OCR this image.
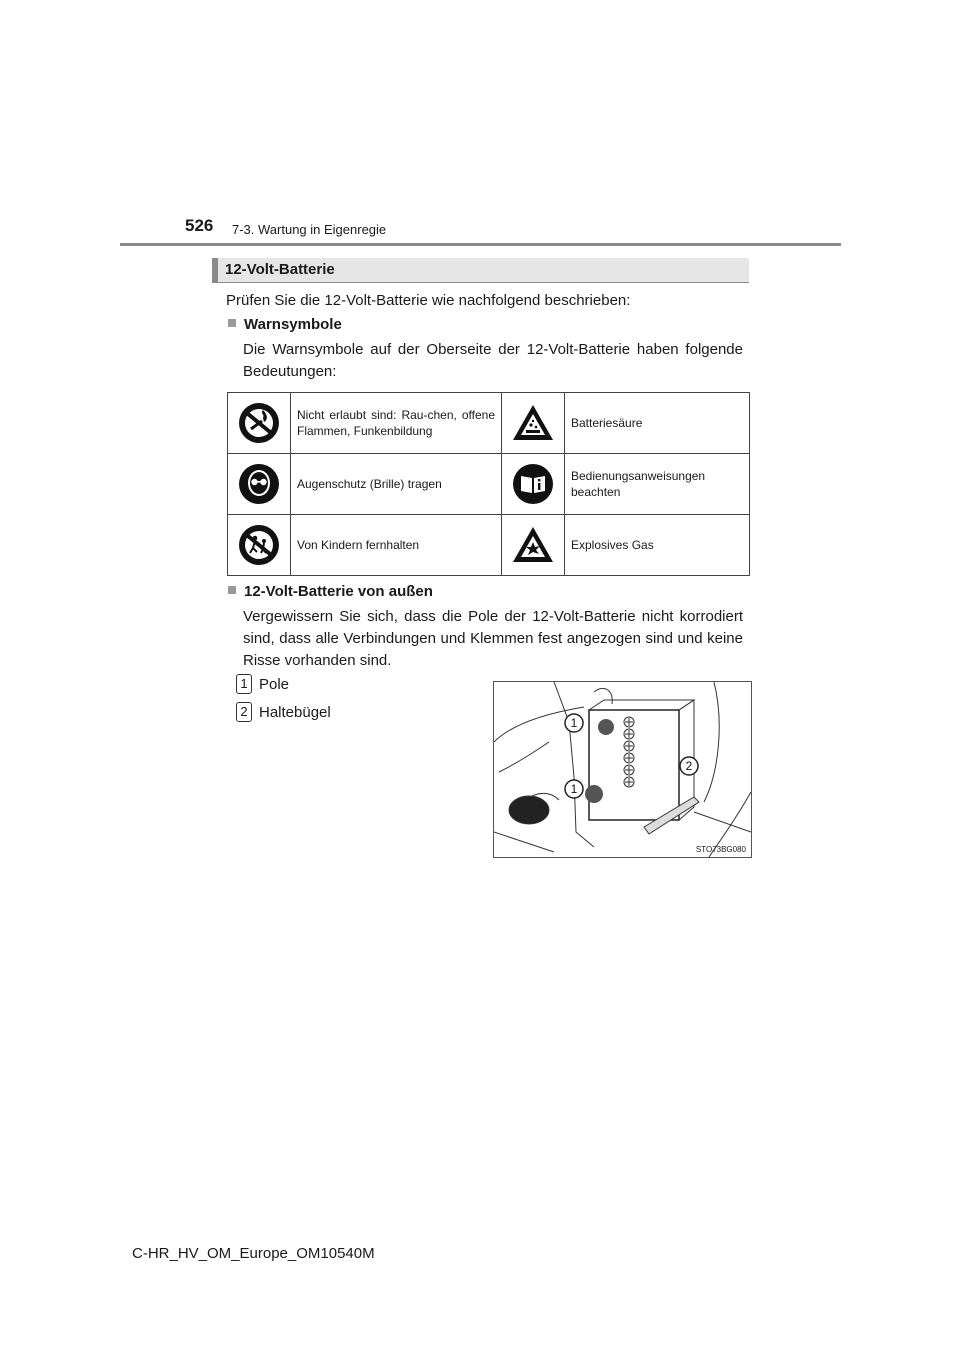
526 7-3. Wartung in Eigenregie
12-Volt-Batterie
Prüfen Sie die 12-Volt-Batterie wie nachfolgend beschrieben:
Warnsymbole
Die Warnsymbole auf der Oberseite der 12-Volt-Batterie haben folgende Bedeutungen:
	Nicht erlaubt sind: Rau-chen, offene Flammen, Funkenbildung		Batteriesäure

	Augenschutz (Brille) tragen		Bedienungsanweisungen beachten

	Von Kindern fernhalten		Explosives Gas
12-Volt-Batterie von außen
Vergewissern Sie sich, dass die Pole der 12-Volt-Batterie nicht korrodiert sind, dass alle Verbindungen und Klemmen fest angezogen sind und keine Risse vorhanden sind.
1 Pole
2 Haltebügel
1
1
2
STO73BG080
C-HR_HV_OM_Europe_OM10540M
